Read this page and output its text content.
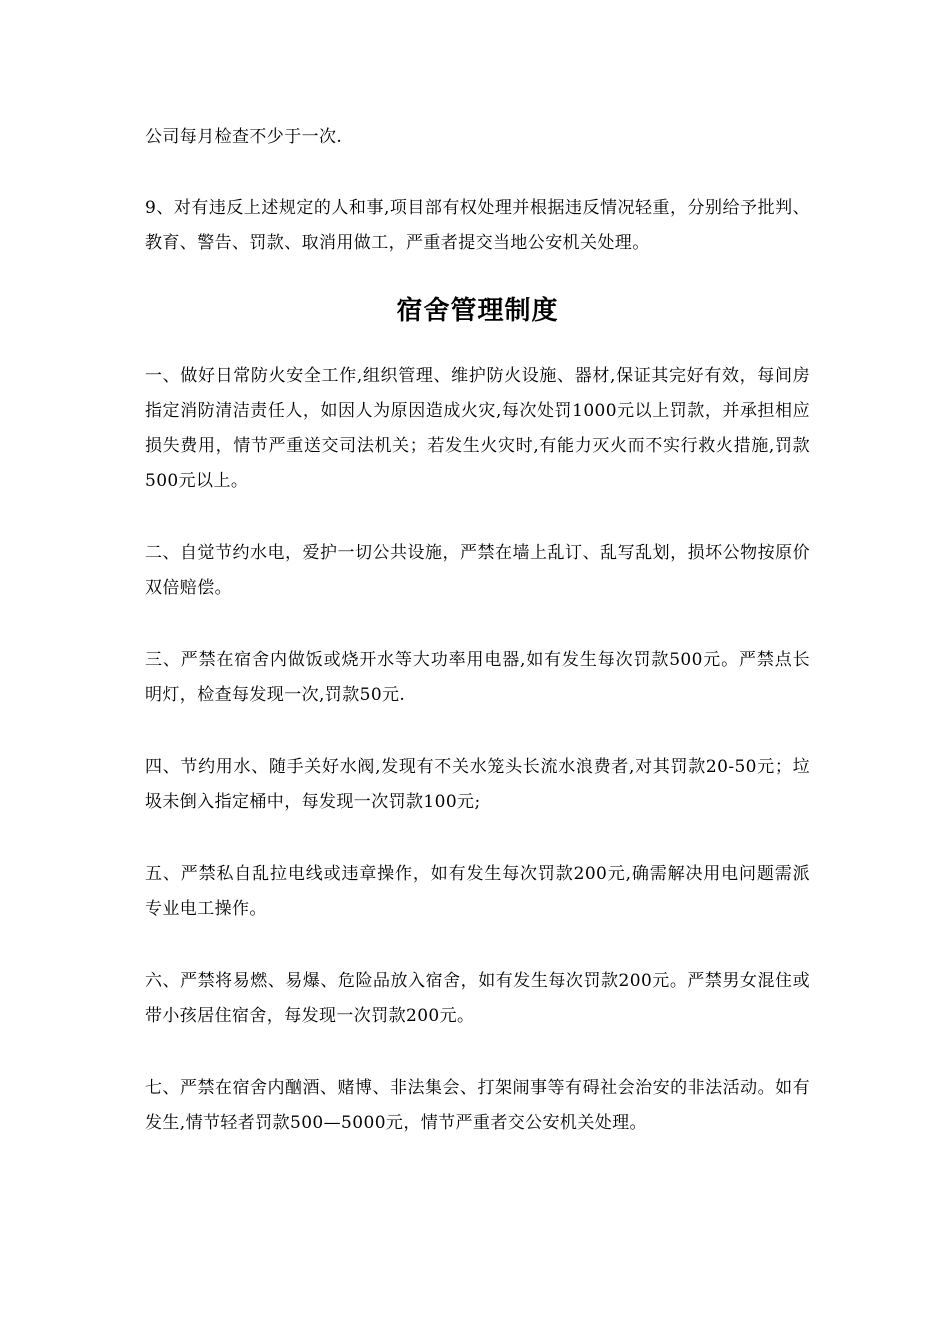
公司每月检查不少于一次.

9、对有违反上述规定的人和事,项目部有权处理并根据违反情况轻重，分别给予批判、教育、警告、罚款、取消用做工，严重者提交当地公安机关处理。

宿舍管理制度

一、做好日常防火安全工作,组织管理、维护防火设施、器材,保证其完好有效，每间房指定消防清洁责任人，如因人为原因造成火灾,每次处罚1000元以上罚款，并承担相应损失费用，情节严重送交司法机关；若发生火灾时,有能力灭火而不实行救火措施,罚款500元以上。

二、自觉节约水电，爱护一切公共设施，严禁在墙上乱订、乱写乱划，损坏公物按原价双倍赔偿。

三、严禁在宿舍内做饭或烧开水等大功率用电器,如有发生每次罚款500元。严禁点长明灯，检查每发现一次,罚款50元.

四、节约用水、随手关好水阀,发现有不关水笼头长流水浪费者,对其罚款20-50元；垃圾未倒入指定桶中，每发现一次罚款100元;

五、严禁私自乱拉电线或违章操作，如有发生每次罚款200元,确需解决用电问题需派专业电工操作。

六、严禁将易燃、易爆、危险品放入宿舍，如有发生每次罚款200元。严禁男女混住或带小孩居住宿舍，每发现一次罚款200元。

七、严禁在宿舍内酗酒、赌博、非法集会、打架闹事等有碍社会治安的非法活动。如有发生,情节轻者罚款500—5000元，情节严重者交公安机关处理。
